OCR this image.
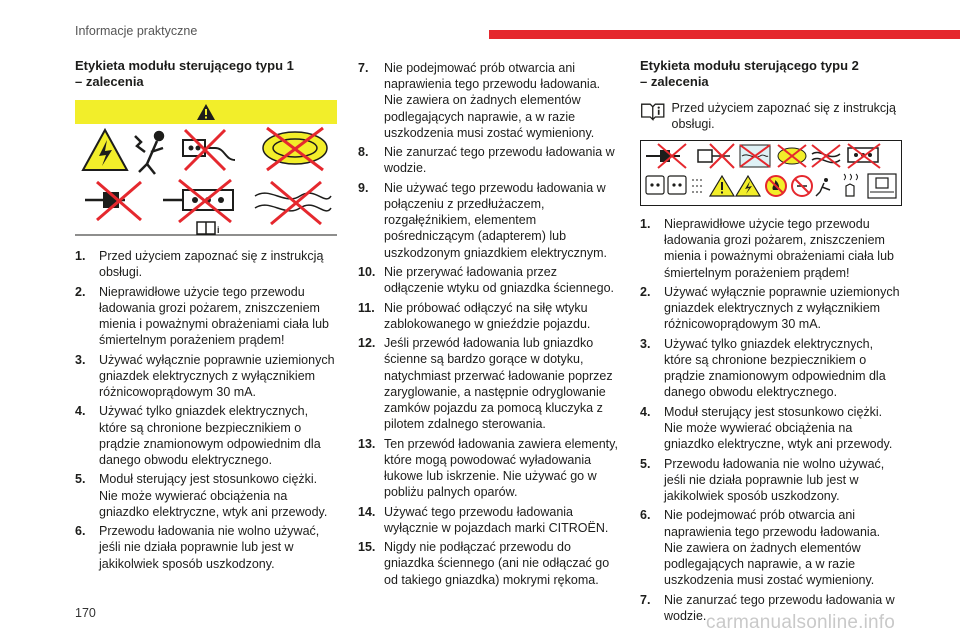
Informacje praktyczne
Etykieta modułu sterującego typu 1
– zalecenia
i
1. Przed użyciem zapoznać się z instrukcją obsługi.
2. Nieprawidłowe użycie tego przewodu ładowania grozi pożarem, zniszczeniem mienia i poważnymi obrażeniami ciała lub śmiertelnym porażeniem prądem!
3. Używać wyłącznie poprawnie uziemionych gniazdek elektrycznych z wyłącznikiem różnicowoprądowym 30 mA.
4. Używać tylko gniazdek elektrycznych, które są chronione bezpiecznikiem o prądzie znamionowym odpowiednim dla danego obwodu elektrycznego.
5. Moduł sterujący jest stosunkowo ciężki. Nie może wywierać obciążenia na gniazdko elektryczne, wtyk ani przewody.
6. Przewodu ładowania nie wolno używać, jeśli nie działa poprawnie lub jest w jakikolwiek sposób uszkodzony.
7. Nie podejmować prób otwarcia ani naprawienia tego przewodu ładowania. Nie zawiera on żadnych elementów podlegających naprawie, a w razie uszkodzenia musi zostać wymieniony.
8. Nie zanurzać tego przewodu ładowania w wodzie.
9. Nie używać tego przewodu ładowania w połączeniu z przedłużaczem, rozgałęźnikiem, elementem pośredniczącym (adapterem) lub uszkodzonym gniazdkiem elektrycznym.
10. Nie przerywać ładowania przez odłączenie wtyku od gniazdka ściennego.
11. Nie próbować odłączyć na siłę wtyku zablokowanego w gnieździe pojazdu.
12. Jeśli przewód ładowania lub gniazdko ścienne są bardzo gorące w dotyku, natychmiast przerwać ładowanie poprzez zaryglowanie, a następnie odryglowanie zamków pojazdu za pomocą kluczyka z pilotem zdalnego sterowania.
13. Ten przewód ładowania zawiera elementy, które mogą powodować wyładowania łukowe lub iskrzenie. Nie używać go w pobliżu palnych oparów.
14. Używać tego przewodu ładowania wyłącznie w pojazdach marki CITROËN.
15. Nigdy nie podłączać przewodu do gniazdka ściennego (ani nie odłączać go od takiego gniazdka) mokrymi rękoma.
Etykieta modułu sterującego typu 2
– zalecenia
Przed użyciem zapoznać się z instrukcją obsługi.
1. Nieprawidłowe użycie tego przewodu ładowania grozi pożarem, zniszczeniem mienia i poważnymi obrażeniami ciała lub śmiertelnym porażeniem prądem!
2. Używać wyłącznie poprawnie uziemionych gniazdek elektrycznych z wyłącznikiem różnicowoprądowym 30 mA.
3. Używać tylko gniazdek elektrycznych, które są chronione bezpiecznikiem o prądzie znamionowym odpowiednim dla danego obwodu elektrycznego.
4. Moduł sterujący jest stosunkowo ciężki. Nie może wywierać obciążenia na gniazdko elektryczne, wtyk ani przewody.
5. Przewodu ładowania nie wolno używać, jeśli nie działa poprawnie lub jest w jakikolwiek sposób uszkodzony.
6. Nie podejmować prób otwarcia ani naprawienia tego przewodu ładowania. Nie zawiera on żadnych elementów podlegających naprawie, a w razie uszkodzenia musi zostać wymieniony.
7. Nie zanurzać tego przewodu ładowania w wodzie.
170	carmanualsonline.info
